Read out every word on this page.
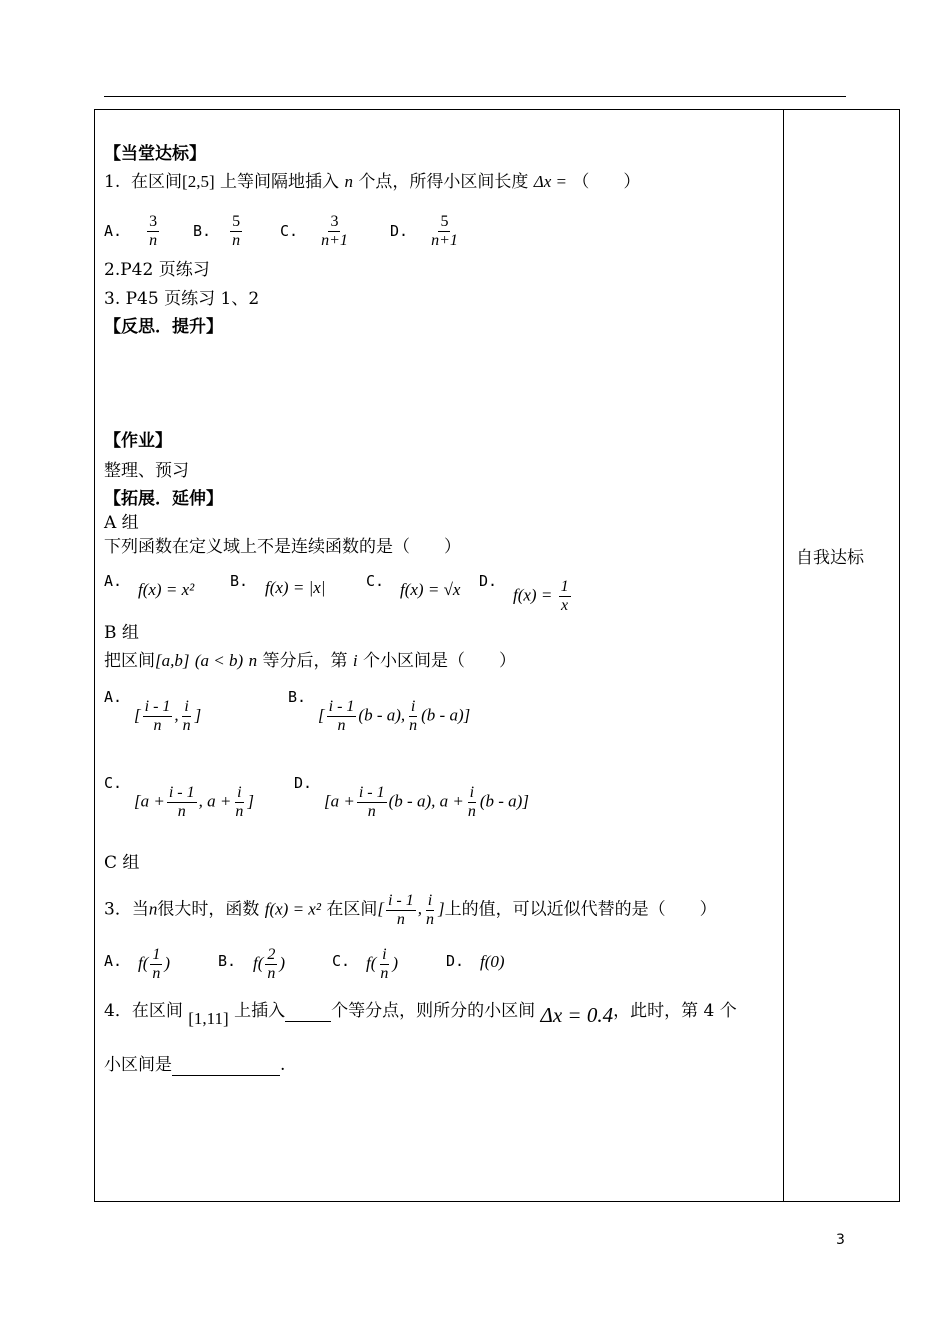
自我达标
【当堂达标】
1. 在区间[2,5] 上等间隔地插入 n 个点，所得小区间长度 Δx = （　　）
A. $\frac{3}{n} B$. $\frac{5}{n}$	C. $\frac{3}{n+1}$	D. $\frac{5}{n+1}$
2.P42 页练习
3. P45 页练习 1、2
【反思．提升】
【作业】
整理、预习
【拓展．延伸】
A 组
下列函数在定义域上不是连续函数的是（　　）
A. f(x) = x² B. f(x) = |x|	C. f(x) = √x D.
$f(x) = \frac{1}{x}$
B 组
把区间[a,b] (a < b) n 等分后，第 i 个小区间是（　　）
A.
[ $\frac{i - 1}{n}$ , $\frac{i}{n}$ ]
B.
[ $\frac{i - 1}{n} (b - a)$, $\frac{i}{n} (b - a)$]
C.
[$a + \frac{i - 1}{n}$ , $a + \frac{i}{n}$ ]
D.
[$a + \frac{i - 1}{n} (b - a)$, $a + \frac{i}{n} (b - a)$]
C 组
3．当n很大时，函数 f(x) = x² 在区间[ $\frac{i - 1}{n}$ , $\frac{i}{n}$ ]上的值，可以近似代替的是（　　）
A. $f( \frac{1}{n}$ )	B. $f( \frac{2}{n}$ )	C. $f( \frac{i}{n}$ )	D. f(0)
4．在区间 [1,11] 上插入	个等分点，则所分的小区间 Δx = 0.4，此时，第 4 个
小区间是	.
3
